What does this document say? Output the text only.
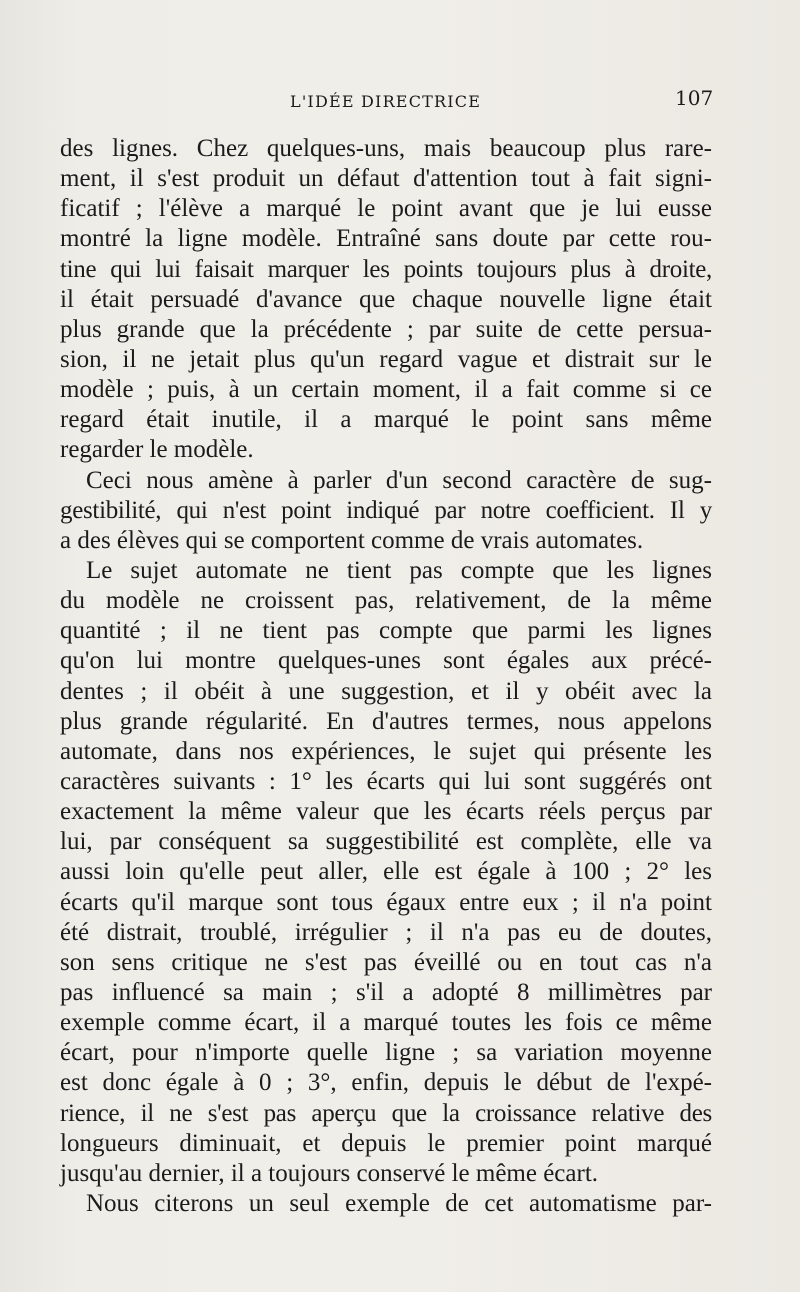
L'IDÉE DIRECTRICE	107
des lignes. Chez quelques-uns, mais beaucoup plus rare-
ment, il s'est produit un défaut d'attention tout à fait signi-
ficatif ; l'élève a marqué le point avant que je lui eusse
montré la ligne modèle. Entraîné sans doute par cette rou-
tine qui lui faisait marquer les points toujours plus à droite,
il était persuadé d'avance que chaque nouvelle ligne était
plus grande que la précédente ; par suite de cette persua-
sion, il ne jetait plus qu'un regard vague et distrait sur le
modèle ; puis, à un certain moment, il a fait comme si ce
regard était inutile, il a marqué le point sans même
regarder le modèle.
Ceci nous amène à parler d'un second caractère de sug-
gestibilité, qui n'est point indiqué par notre coefficient. Il y
a des élèves qui se comportent comme de vrais automates.
Le sujet automate ne tient pas compte que les lignes
du modèle ne croissent pas, relativement, de la même
quantité ; il ne tient pas compte que parmi les lignes
qu'on lui montre quelques-unes sont égales aux précé-
dentes ; il obéit à une suggestion, et il y obéit avec la
plus grande régularité. En d'autres termes, nous appelons
automate, dans nos expériences, le sujet qui présente les
caractères suivants : 1° les écarts qui lui sont suggérés ont
exactement la même valeur que les écarts réels perçus par
lui, par conséquent sa suggestibilité est complète, elle va
aussi loin qu'elle peut aller, elle est égale à 100 ; 2° les
écarts qu'il marque sont tous égaux entre eux ; il n'a point
été distrait, troublé, irrégulier ; il n'a pas eu de doutes,
son sens critique ne s'est pas éveillé ou en tout cas n'a
pas influencé sa main ; s'il a adopté 8 millimètres par
exemple comme écart, il a marqué toutes les fois ce même
écart, pour n'importe quelle ligne ; sa variation moyenne
est donc égale à 0 ; 3°, enfin, depuis le début de l'expé-
rience, il ne s'est pas aperçu que la croissance relative des
longueurs diminuait, et depuis le premier point marqué
jusqu'au dernier, il a toujours conservé le même écart.
Nous citerons un seul exemple de cet automatisme par-
